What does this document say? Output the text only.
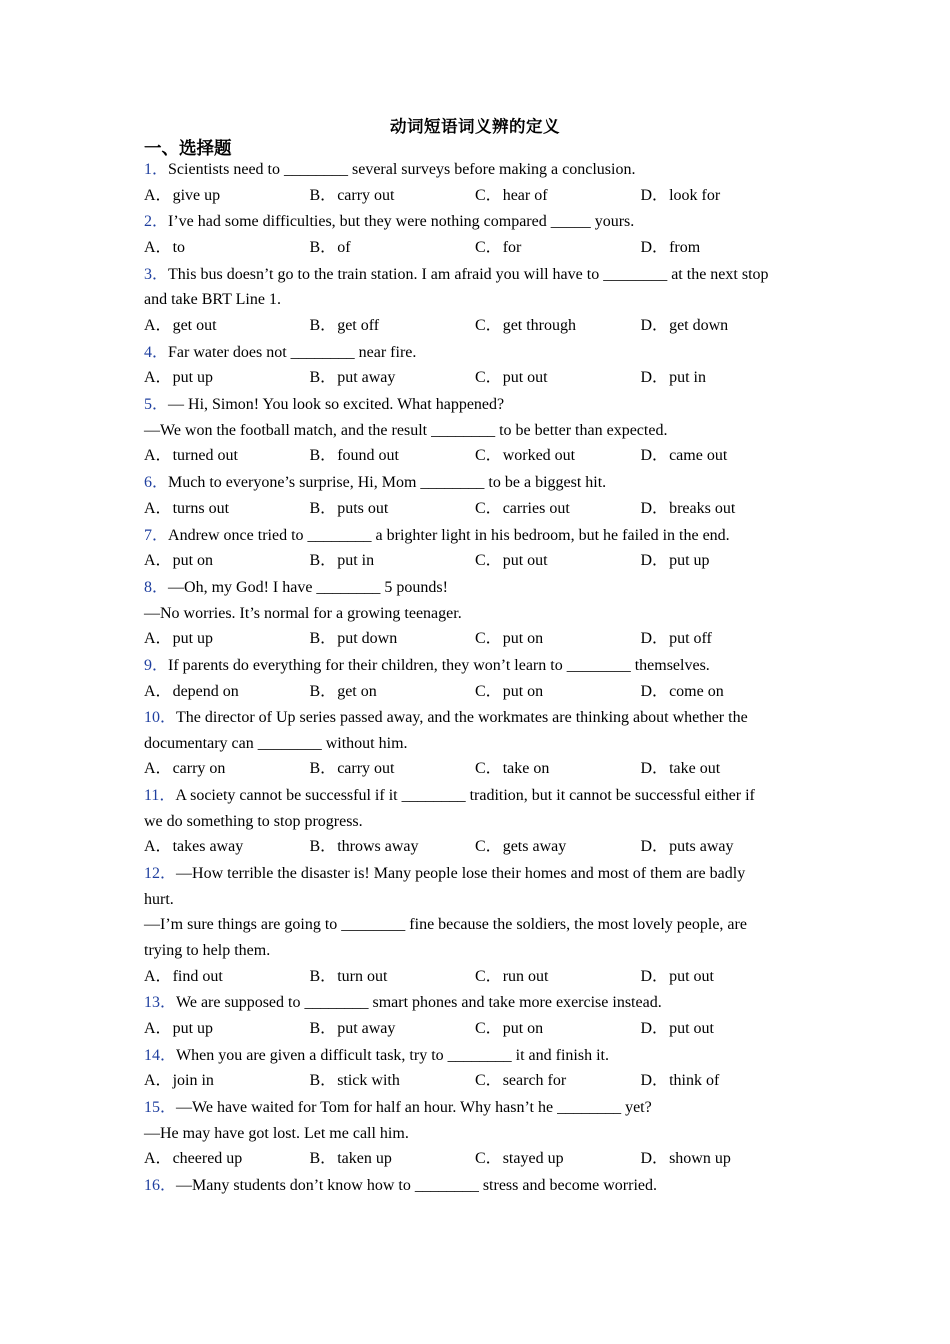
动词短语词义辨的定义
一、选择题
1．Scientists need to ________ several surveys before making a conclusion.
A．give up	B．carry out	C．hear of	D．look for
2．I’ve had some difficulties, but they were nothing compared _____ yours.
A．to	B．of	C．for	D．from
3．This bus doesn’t go to the train station. I am afraid you will have to ________ at the next stop
and take BRT Line 1.
A．get out	B．get off	C．get through	D．get down
4．Far water does not ________ near fire.
A．put up	B．put away	C．put out	D．put in
5．— Hi, Simon! You look so excited. What happened?
—We won the football match, and the result ________ to be better than expected.
A．turned out	B．found out	C．worked out	D．came out
6．Much to everyone’s surprise, Hi, Mom ________ to be a biggest hit.
A．turns out	B．puts out	C．carries out	D．breaks out
7．Andrew once tried to ________ a brighter light in his bedroom, but he failed in the end.
A．put on	B．put in	C．put out	D．put up
8．—Oh, my God! I have ________ 5 pounds!
—No worries. It’s normal for a growing teenager.
A．put up	B．put down	C．put on	D．put off
9．If parents do everything for their children, they won’t learn to ________ themselves.
A．depend on	B．get on	C．put on	D．come on
10．The director of Up series passed away, and the workmates are thinking about whether the
documentary can ________ without him.
A．carry on	B．carry out	C．take on	D．take out
11．A society cannot be successful if it ________ tradition, but it cannot be successful either if
we do something to stop progress.
A．takes away	B．throws away	C．gets away	D．puts away
12．—How terrible the disaster is! Many people lose their homes and most of them are badly
hurt.
—I’m sure things are going to ________ fine because the soldiers, the most lovely people, are
trying to help them.
A．find out	B．turn out	C．run out	D．put out
13．We are supposed to ________ smart phones and take more exercise instead.
A．put up	B．put away	C．put on	D．put out
14．When you are given a difficult task, try to ________ it and finish it.
A．join in	B．stick with	C．search for	D．think of
15．—We have waited for Tom for half an hour. Why hasn’t he ________ yet?
—He may have got lost. Let me call him.
A．cheered up	B．taken up	C．stayed up	D．shown up
16．—Many students don’t know how to ________ stress and become worried.
